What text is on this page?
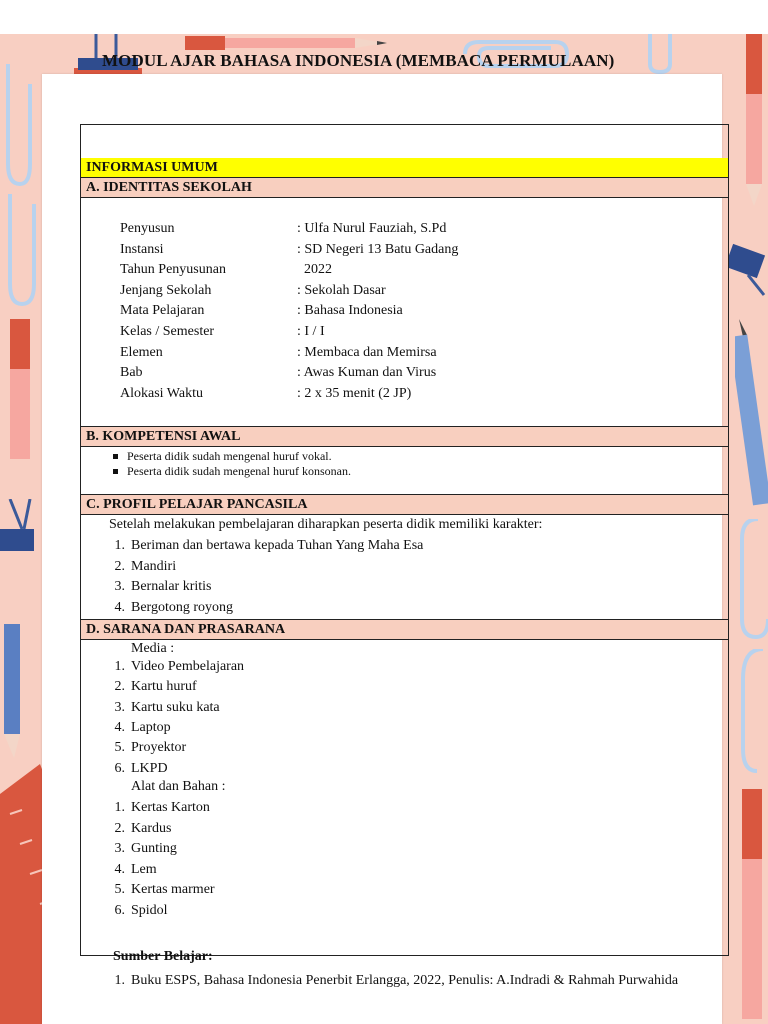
MODUL AJAR BAHASA INDONESIA (MEMBACA PERMULAAN)
INFORMASI UMUM
A. IDENTITAS SEKOLAH
B. KOMPETENSI AWAL
C. PROFIL PELAJAR PANCASILA
Setelah melakukan pembelajaran diharapkan peserta didik memiliki karakter:
D. SARANA DAN PRASARANA
Media :
Alat dan Bahan :
Sumber Belajar:
Penyusun	: Ulfa Nurul Fauziah, S.Pd
Instansi	: SD Negeri 13 Batu Gadang
Tahun Penyusunan	2022
Jenjang Sekolah	: Sekolah Dasar
Mata Pelajaran	: Bahasa Indonesia
Kelas / Semester	: I / I
Elemen	: Membaca dan Memirsa
Bab	: Awas Kuman dan Virus
Alokasi Waktu	: 2 x 35 menit (2 JP)
Peserta didik sudah mengenal huruf vokal.
Peserta didik sudah mengenal huruf konsonan.
1. Beriman dan bertawa kepada Tuhan Yang Maha Esa
2. Mandiri
3. Bernalar kritis
4. Bergotong royong
1. Video Pembelajaran
2. Kartu huruf
3. Kartu suku kata
4. Laptop
5. Proyektor
6. LKPD
1. Kertas Karton
2. Kardus
3. Gunting
4. Lem
5. Kertas marmer
6. Spidol
1. Buku ESPS, Bahasa Indonesia Penerbit Erlangga, 2022, Penulis: A.Indradi & Rahmah Purwahida
